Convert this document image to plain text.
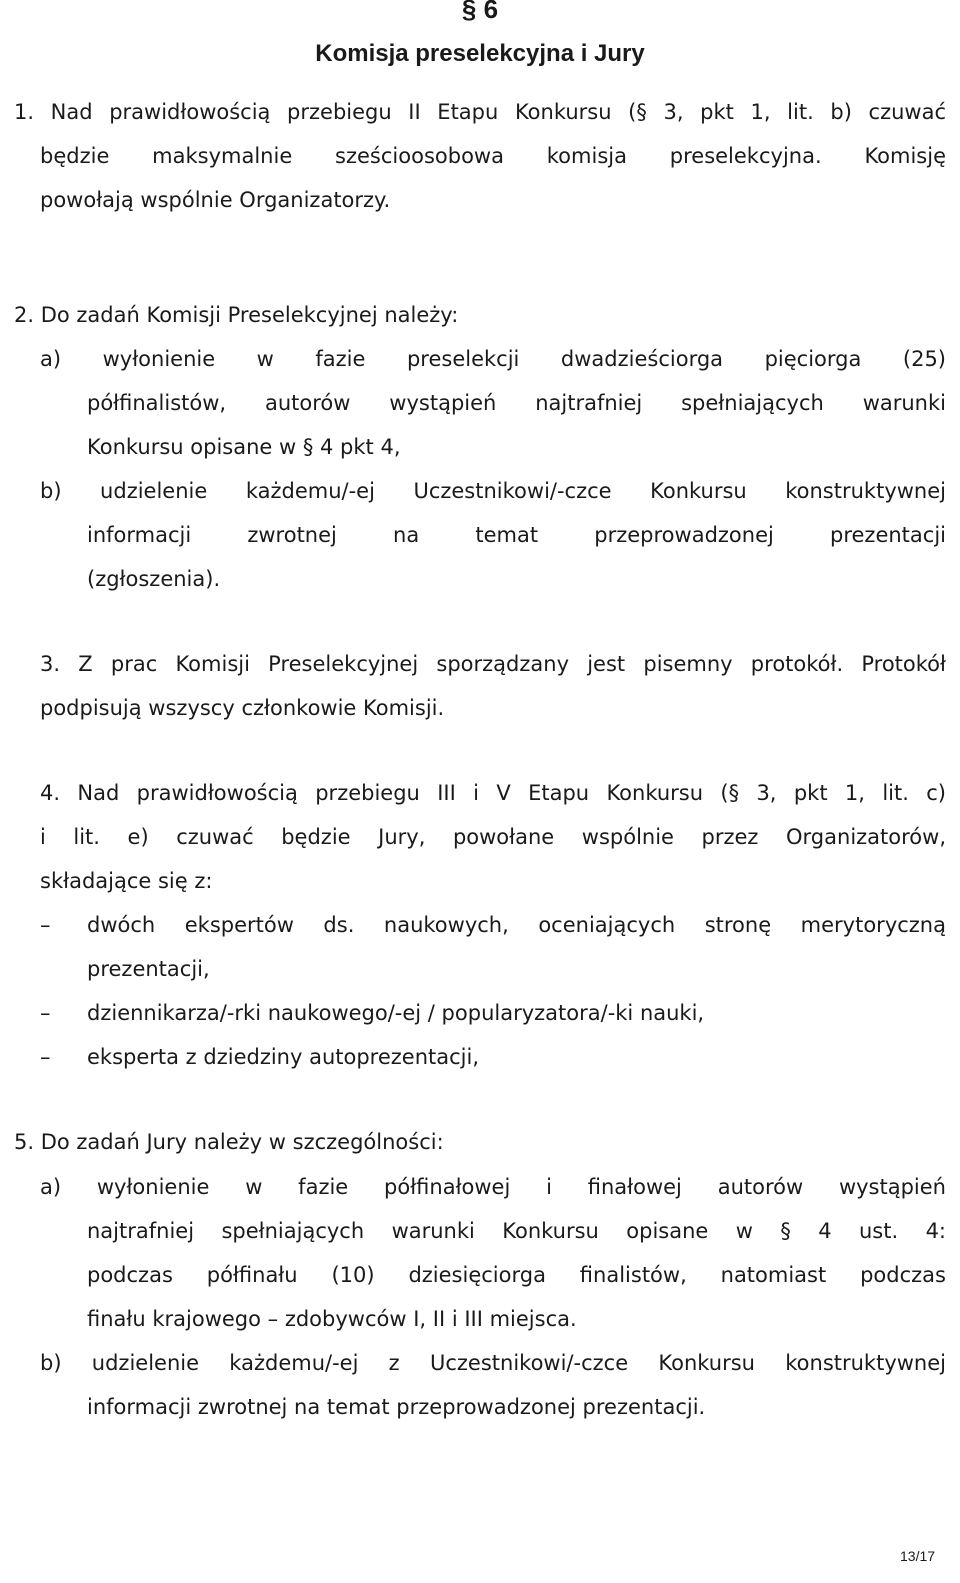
§ 6
Komisja preselekcyjna i Jury
1. Nad prawidłowością przebiegu II Etapu Konkursu (§ 3, pkt 1, lit. b) czuwać
będzie maksymalnie sześcioosobowa komisja preselekcyjna. Komisję
powołają wspólnie Organizatorzy.
2. Do zadań Komisji Preselekcyjnej należy:
a) wyłonienie w fazie preselekcji dwadzieściorga pięciorga (25)
półfinalistów, autorów wystąpień najtrafniej spełniających warunki
Konkursu opisane w § 4 pkt 4,
b) udzielenie każdemu/-ej Uczestnikowi/-czce Konkursu konstruktywnej
informacji zwrotnej na temat przeprowadzonej prezentacji
(zgłoszenia).
3. Z prac Komisji Preselekcyjnej sporządzany jest pisemny protokół. Protokół
podpisują wszyscy członkowie Komisji.
4. Nad prawidłowością przebiegu III i V Etapu Konkursu (§ 3, pkt 1, lit. c)
i lit. e) czuwać będzie Jury, powołane wspólnie przez Organizatorów,
składające się z:
– dwóch ekspertów ds. naukowych, oceniających stronę merytoryczną
prezentacji,
– dziennikarza/-rki naukowego/-ej / popularyzatora/-ki nauki,
– eksperta z dziedziny autoprezentacji,
5. Do zadań Jury należy w szczególności:
a) wyłonienie w fazie półfinałowej i finałowej autorów wystąpień
najtrafniej spełniających warunki Konkursu opisane w § 4 ust. 4:
podczas półfinału (10) dziesięciorga finalistów, natomiast podczas
finału krajowego – zdobywców I, II i III miejsca.
b) udzielenie każdemu/-ej z Uczestnikowi/-czce Konkursu konstruktywnej
informacji zwrotnej na temat przeprowadzonej prezentacji.
13/17
